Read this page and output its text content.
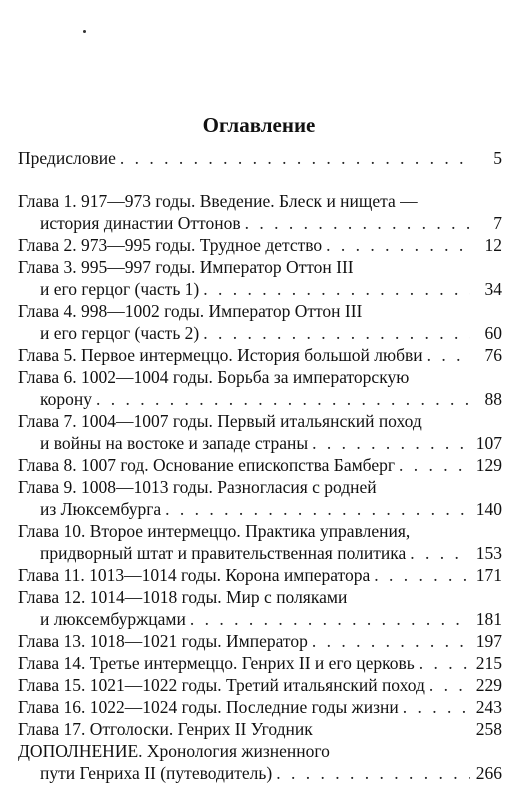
Оглавление
Предисловие . . .	5
Глава 1. 917—973 годы. Введение. Блеск и нищета —
история династии Оттонов . . .	7
Глава 2. 973—995 годы. Трудное детство . . .	12
Глава 3. 995—997 годы. Император Оттон III
и его герцог (часть 1) . . .	34
Глава 4. 998—1002 годы. Император Оттон III
и его герцог (часть 2) . . .	60
Глава 5. Первое интермеццо. История большой любви . . .	76
Глава 6. 1002—1004 годы. Борьба за императорскую
корону . . .	88
Глава 7. 1004—1007 годы. Первый итальянский поход
и войны на востоке и западе страны . . .	107
Глава 8. 1007 год. Основание епископства Бамберг . . .	129
Глава 9. 1008—1013 годы. Разногласия с родней
из Люксембурга . . .	140
Глава 10. Второе интермеццо. Практика управления,
придворный штат и правительственная политика . . .	153
Глава 11. 1013—1014 годы. Корона императора . . .	171
Глава 12. 1014—1018 годы. Мир с поляками
и люксембуржцами . . .	181
Глава 13. 1018—1021 годы. Император . . .	197
Глава 14. Третье интермеццо. Генрих II и его церковь . . .	215
Глава 15. 1021—1022 годы. Третий итальянский поход . . .	229
Глава 16. 1022—1024 годы. Последние годы жизни . . .	243
Глава 17. Отголоски. Генрих II Угодник	258
ДОПОЛНЕНИЕ. Хронология жизненного
пути Генриха II (путеводитель) . . .	266
